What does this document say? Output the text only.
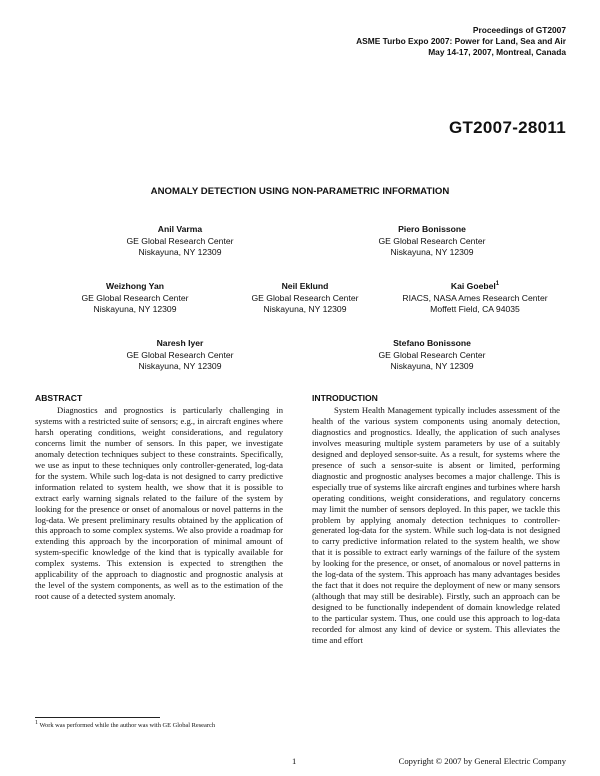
Proceedings of GT2007
ASME Turbo Expo 2007: Power for Land, Sea and Air
May 14-17, 2007, Montreal, Canada
GT2007-28011
ANOMALY DETECTION USING NON-PARAMETRIC INFORMATION
Anil Varma
GE Global Research Center
Niskayuna, NY 12309
Piero Bonissone
GE Global Research Center
Niskayuna, NY 12309
Weizhong Yan
GE Global Research Center
Niskayuna, NY 12309
Neil Eklund
GE Global Research Center
Niskayuna, NY 12309
Kai Goebel$^1$
RIACS, NASA Ames Research Center
Moffett Field, CA 94035
Naresh Iyer
GE Global Research Center
Niskayuna, NY 12309
Stefano Bonissone
GE Global Research Center
Niskayuna, NY 12309
ABSTRACT

Diagnostics and prognostics is particularly challenging in systems with a restricted suite of sensors; e.g., in aircraft engines where harsh operating conditions, weight considerations, and regulatory concerns limit the number of sensors. In this paper, we investigate anomaly detection techniques subject to these constraints. Specifically, we use as input to these techniques only controller-generated, log-data for the system. While such log-data is not designed to carry predictive information related to system health, we show that it is possible to extract early warning signals related to the failure of the system by looking for the presence or onset of anomalous or novel patterns in the log-data. We present preliminary results obtained by the application of this approach to some complex systems. We also provide a roadmap for extending this approach by the incorporation of minimal amount of system-specific knowledge of the kind that is typically available for complex systems. This extension is expected to strengthen the applicability of the approach to diagnostic and prognostic analysis at the level of the system components, as well as to the estimation of the root cause of a detected system anomaly.

INTRODUCTION

System Health Management typically includes assessment of the health of the various system components using anomaly detection, diagnostics and prognostics. Ideally, the application of such analyses involves measuring multiple system parameters by use of a suitably designed and deployed sensor-suite. As a result, for systems where the presence of such a sensor-suite is absent or limited, performing diagnostic and prognostic analyses becomes a major challenge. This is especially true of systems like aircraft engines and turbines where harsh operating conditions, weight considerations, and regulatory concerns may limit the number of sensors deployed. In this paper, we tackle this problem by applying anomaly detection techniques to controller-generated log-data for the system. While such log-data is not designed to carry predictive information related to the system health, we show that it is possible to extract early warnings of the failure of the system by looking for the presence, or onset, of anomalous or novel patterns in the log-data of the system. This approach has many advantages besides the fact that it does not require the deployment of new or many sensors (although that may still be desirable). Firstly, such an approach can be designed to be functionally independent of domain knowledge related to the particular system. Thus, one could use this approach to log-data recorded for almost any kind of device or system. This alleviates the time and effort

$^1$ Work was performed while the author was with GE Global Research
1	Copyright © 2007 by General Electric Company
